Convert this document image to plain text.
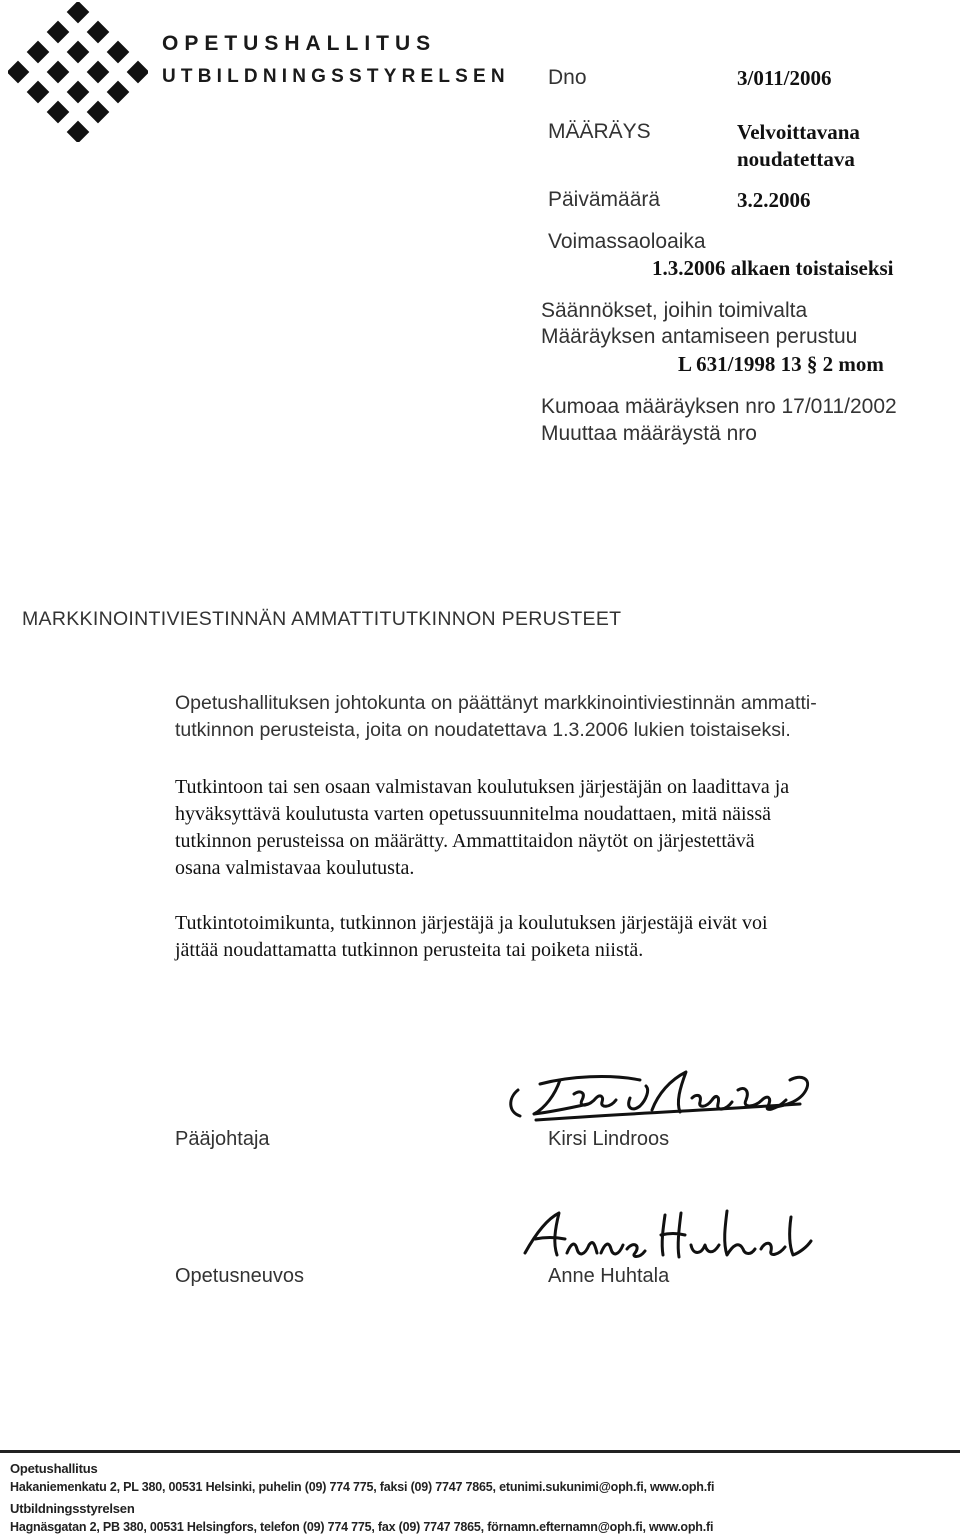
OPETUSHALLITUS
UTBILDNINGSSTYRELSEN Dno	3/011/2006
MÄÄRÄYS	Velvoittavana
noudatettava
Päivämäärä	3.2.2006
Voimassaoloaika
1.3.2006 alkaen toistaiseksi
Säännökset, joihin toimivalta
Määräyksen antamiseen perustuu
L 631/1998 13 § 2 mom
Kumoaa määräyksen nro 17/011/2002
Muuttaa määräystä nro
MARKKINOINTIVIESTINNÄN AMMATTITUTKINNON PERUSTEET
Opetushallituksen johtokunta on päättänyt markkinointiviestinnän ammatti-
tutkinnon perusteista, joita on noudatettava 1.3.2006 lukien toistaiseksi.
Tutkintoon tai sen osaan valmistavan koulutuksen järjestäjän on laadittava ja
hyväksyttävä koulutusta varten opetussuunnitelma noudattaen, mitä näissä
tutkinnon perusteissa on määrätty. Ammattitaidon näytöt on järjestettävä
osana valmistavaa koulutusta.
Tutkintotoimikunta, tutkinnon järjestäjä ja koulutuksen järjestäjä eivät voi
jättää noudattamatta tutkinnon perusteita tai poiketa niistä.
Pääjohtaja	Kirsi Lindroos
Opetusneuvos	Anne Huhtala
Opetushallitus
Hakaniemenkatu 2, PL 380, 00531 Helsinki, puhelin (09) 774 775, faksi (09) 7747 7865, etunimi.sukunimi@oph.fi, www.oph.fi
Utbildningsstyrelsen
Hagnäsgatan 2, PB 380, 00531 Helsingfors, telefon (09) 774 775, fax (09) 7747 7865, förnamn.efternamn@oph.fi, www.oph.fi
